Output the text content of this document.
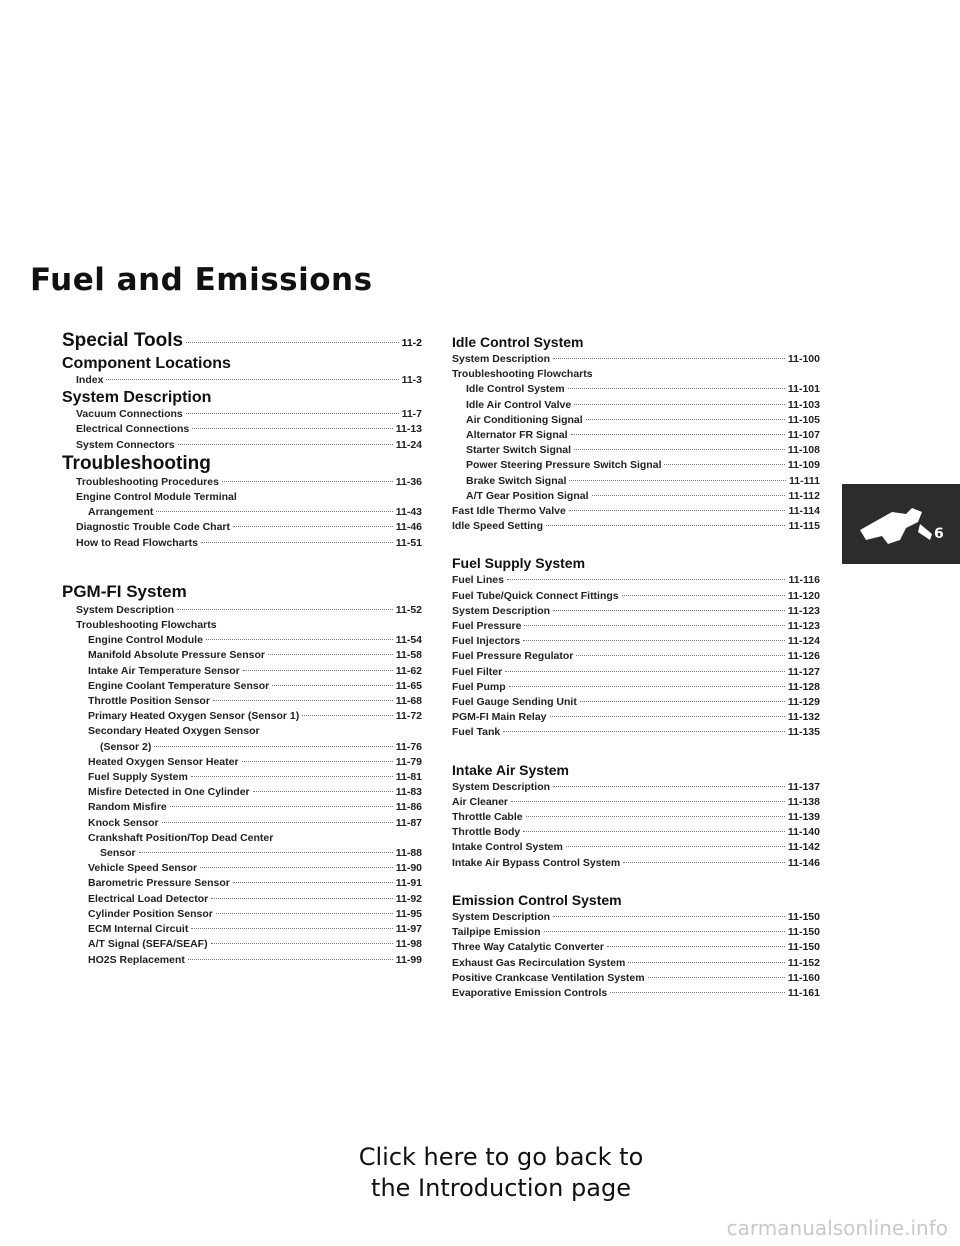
Fuel and Emissions
Special Tools	11-2
Component Locations
Index	11-3
System Description
Vacuum Connections	11-7
Electrical Connections	11-13
System Connectors	11-24
Troubleshooting
Troubleshooting Procedures	11-36
Engine Control Module Terminal
Arrangement	11-43
Diagnostic Trouble Code Chart	11-46
How to Read Flowcharts	11-51
PGM-FI System
System Description	11-52
Troubleshooting Flowcharts
Engine Control Module	11-54
Manifold Absolute Pressure Sensor	11-58
Intake Air Temperature Sensor	11-62
Engine Coolant Temperature Sensor	11-65
Throttle Position Sensor	11-68
Primary Heated Oxygen Sensor (Sensor 1)	11-72
Secondary Heated Oxygen Sensor
(Sensor 2)	11-76
Heated Oxygen Sensor Heater	11-79
Fuel Supply System	11-81
Misfire Detected in One Cylinder	11-83
Random Misfire	11-86
Knock Sensor	11-87
Crankshaft Position/Top Dead Center
Sensor	11-88
Vehicle Speed Sensor	11-90
Barometric Pressure Sensor	11-91
Electrical Load Detector	11-92
Cylinder Position Sensor	11-95
ECM Internal Circuit	11-97
A/T Signal (SEFA/SEAF)	11-98
HO2S Replacement	11-99
Idle Control System
System Description	11-100
Troubleshooting Flowcharts
Idle Control System	11-101
Idle Air Control Valve	11-103
Air Conditioning Signal	11-105
Alternator FR Signal	11-107
Starter Switch Signal	11-108
Power Steering Pressure Switch Signal	11-109
Brake Switch Signal	11-111
A/T Gear Position Signal	11-112
Fast Idle Thermo Valve	11-114
Idle Speed Setting	11-115
Fuel Supply System
Fuel Lines	11-116
Fuel Tube/Quick Connect Fittings	11-120
System Description	11-123
Fuel Pressure	11-123
Fuel Injectors	11-124
Fuel Pressure Regulator	11-126
Fuel Filter	11-127
Fuel Pump	11-128
Fuel Gauge Sending Unit	11-129
PGM-FI Main Relay	11-132
Fuel Tank	11-135
Intake Air System
System Description	11-137
Air Cleaner	11-138
Throttle Cable	11-139
Throttle Body	11-140
Intake Control System	11-142
Intake Air Bypass Control System	11-146
Emission Control System
System Description	11-150
Tailpipe Emission	11-150
Three Way Catalytic Converter	11-150
Exhaust Gas Recirculation System	11-152
Positive Crankcase Ventilation System	11-160
Evaporative Emission Controls	11-161
6
Click here to go back to the Introduction page
carmanualsonline.info
